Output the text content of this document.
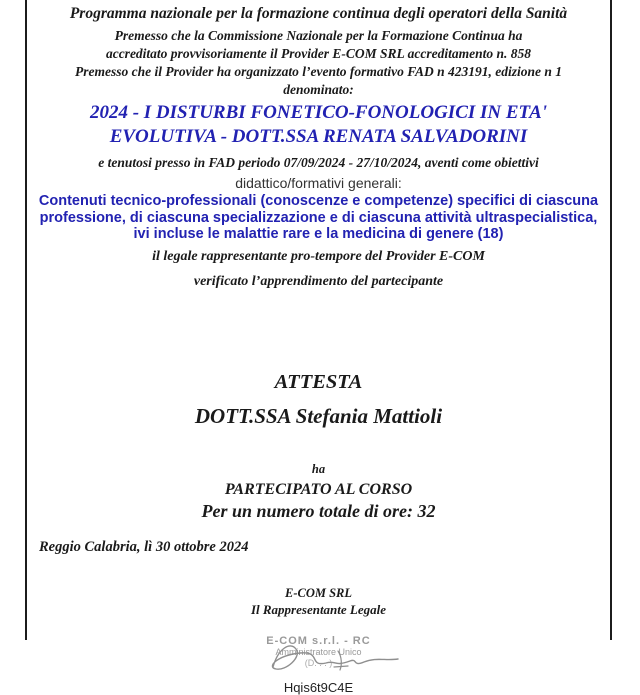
Programma nazionale per la formazione continua degli operatori della Sanità

Premesso che la Commissione Nazionale per la Formazione Continua ha

accreditato provvisoriamente il Provider E-COM SRL accreditamento n. 858

Premesso che il Provider ha organizzato l’evento formativo FAD n 423191, edizione n 1

denominato:

2024 - I DISTURBI FONETICO-FONOLOGICI IN ETA' EVOLUTIVA - DOTT.SSA RENATA SALVADORINI

e tenutosi presso in FAD periodo 07/09/2024 - 27/10/2024, aventi come obiettivi

didattico/formativi generali:

Contenuti tecnico-professionali (conoscenze e competenze) specifici di ciascuna professione, di ciascuna specializzazione e di ciascuna attività ultraspecialistica, ivi incluse le malattie rare e la medicina di genere (18)

il legale rappresentante pro-tempore del Provider E-COM

verificato l’apprendimento del partecipante

ATTESTA

DOTT.SSA Stefania Mattioli

ha

PARTECIPATO AL CORSO

Per un numero totale di ore: 32

Reggio Calabria, lì 30 ottobre 2024

E-COM SRL

Il Rappresentante Legale

E-COM s.r.l. - RC
Amministratore Unico
(D. . . )

Hqis6t9C4E
